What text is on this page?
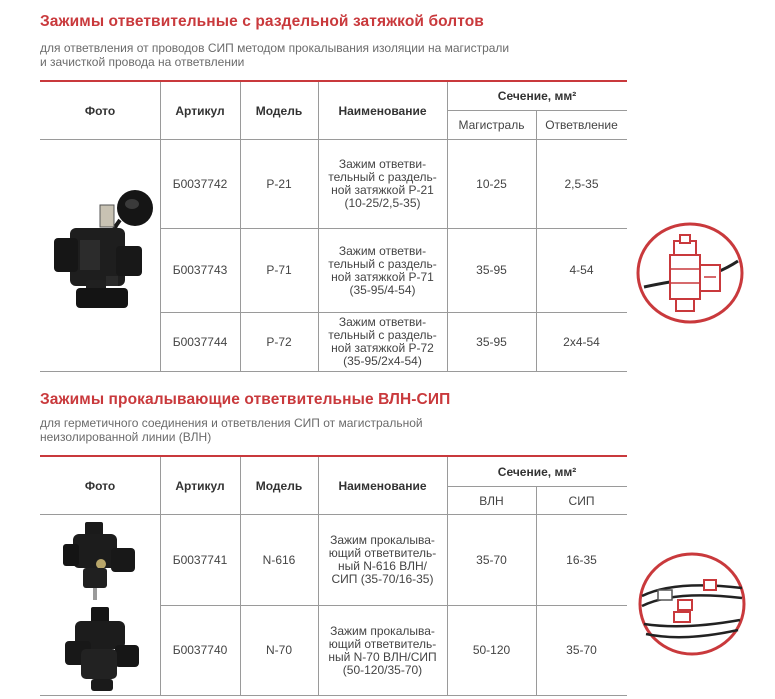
Зажимы ответвительные с раздельной затяжкой болтов
для ответвления от проводов СИП методом прокалывания изоляции на магистрали
и зачисткой провода на ответвлении
Фото	Артикул	Модель	Наименование
Сечение, мм²
Магистраль	Ответвление
Б0037742	P-21
Зажим ответви-
тельный с раздель-
ной затяжкой P-21
(10-25/2,5-35)
10-25	2,5-35
Б0037743	P-71
Зажим ответви-
тельный с раздель-
ной затяжкой P-71
(35-95/4-54)
35-95	4-54
Б0037744	P-72
Зажим ответви-
тельный с раздель-
ной затяжкой P-72
(35-95/2х4-54)
35-95	2х4-54
Зажимы прокалывающие ответвительные ВЛН-СИП
для герметичного соединения и ответвления СИП от магистральной
неизолированной линии (ВЛН)
Фото	Артикул	Модель	Наименование
Сечение, мм²
ВЛН	СИП
Б0037741	N-616
Зажим прокалыва-
ющий ответвитель-
ный N-616 ВЛН/
СИП (35-70/16-35)
35-70	16-35
Б0037740	N-70
Зажим прокалыва-
ющий ответвитель-
ный N-70 ВЛН/СИП
(50-120/35-70)
50-120	35-70
